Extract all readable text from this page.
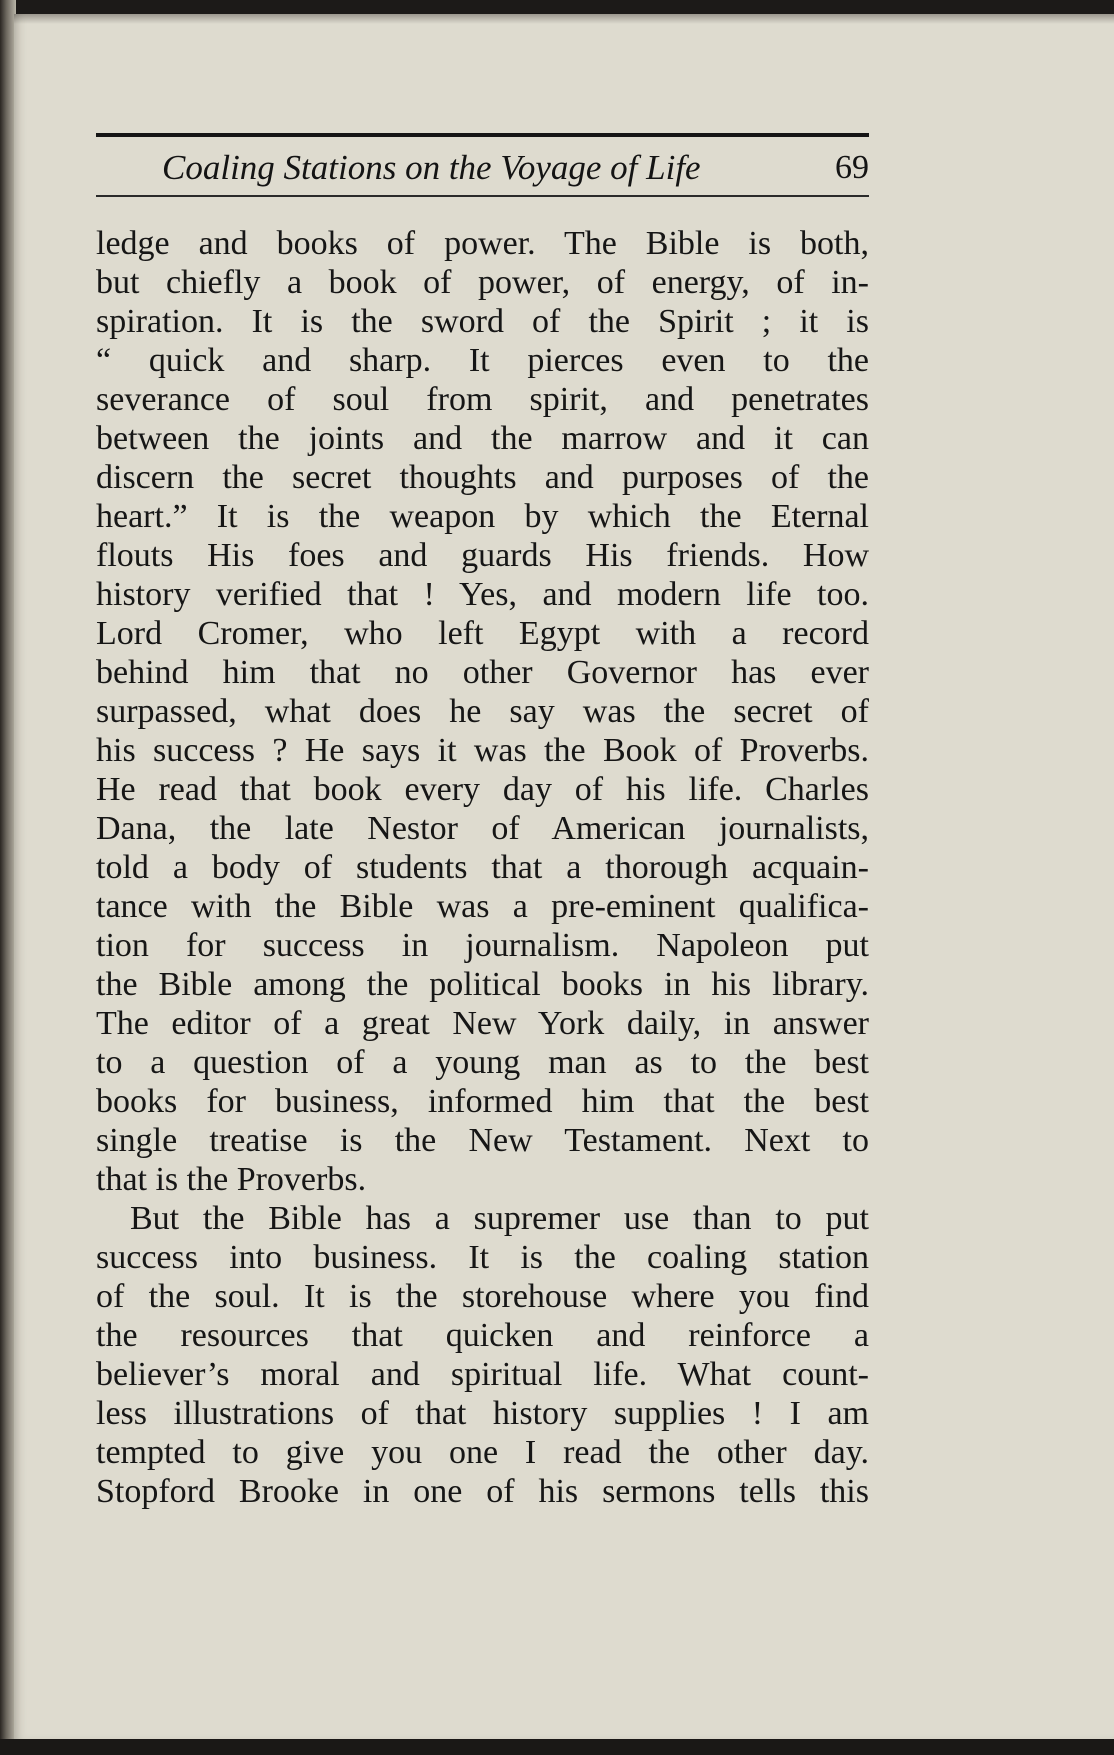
Coaling Stations on the Voyage of Life	69
ledge and books of power. The Bible is both,
but chiefly a book of power, of energy, of in-
spiration. It is the sword of the Spirit ; it is
“ quick and sharp. It pierces even to the
severance of soul from spirit, and penetrates
between the joints and the marrow and it can
discern the secret thoughts and purposes of the
heart.” It is the weapon by which the Eternal
flouts His foes and guards His friends. How
history verified that ! Yes, and modern life too.
Lord Cromer, who left Egypt with a record
behind him that no other Governor has ever
surpassed, what does he say was the secret of
his success ? He says it was the Book of Proverbs.
He read that book every day of his life. Charles
Dana, the late Nestor of American journalists,
told a body of students that a thorough acquain-
tance with the Bible was a pre-eminent qualifica-
tion for success in journalism. Napoleon put
the Bible among the political books in his library.
The editor of a great New York daily, in answer
to a question of a young man as to the best
books for business, informed him that the best
single treatise is the New Testament. Next to
that is the Proverbs.
But the Bible has a supremer use than to put
success into business. It is the coaling station
of the soul. It is the storehouse where you find
the resources that quicken and reinforce a
believer’s moral and spiritual life. What count-
less illustrations of that history supplies ! I am
tempted to give you one I read the other day.
Stopford Brooke in one of his sermons tells this
